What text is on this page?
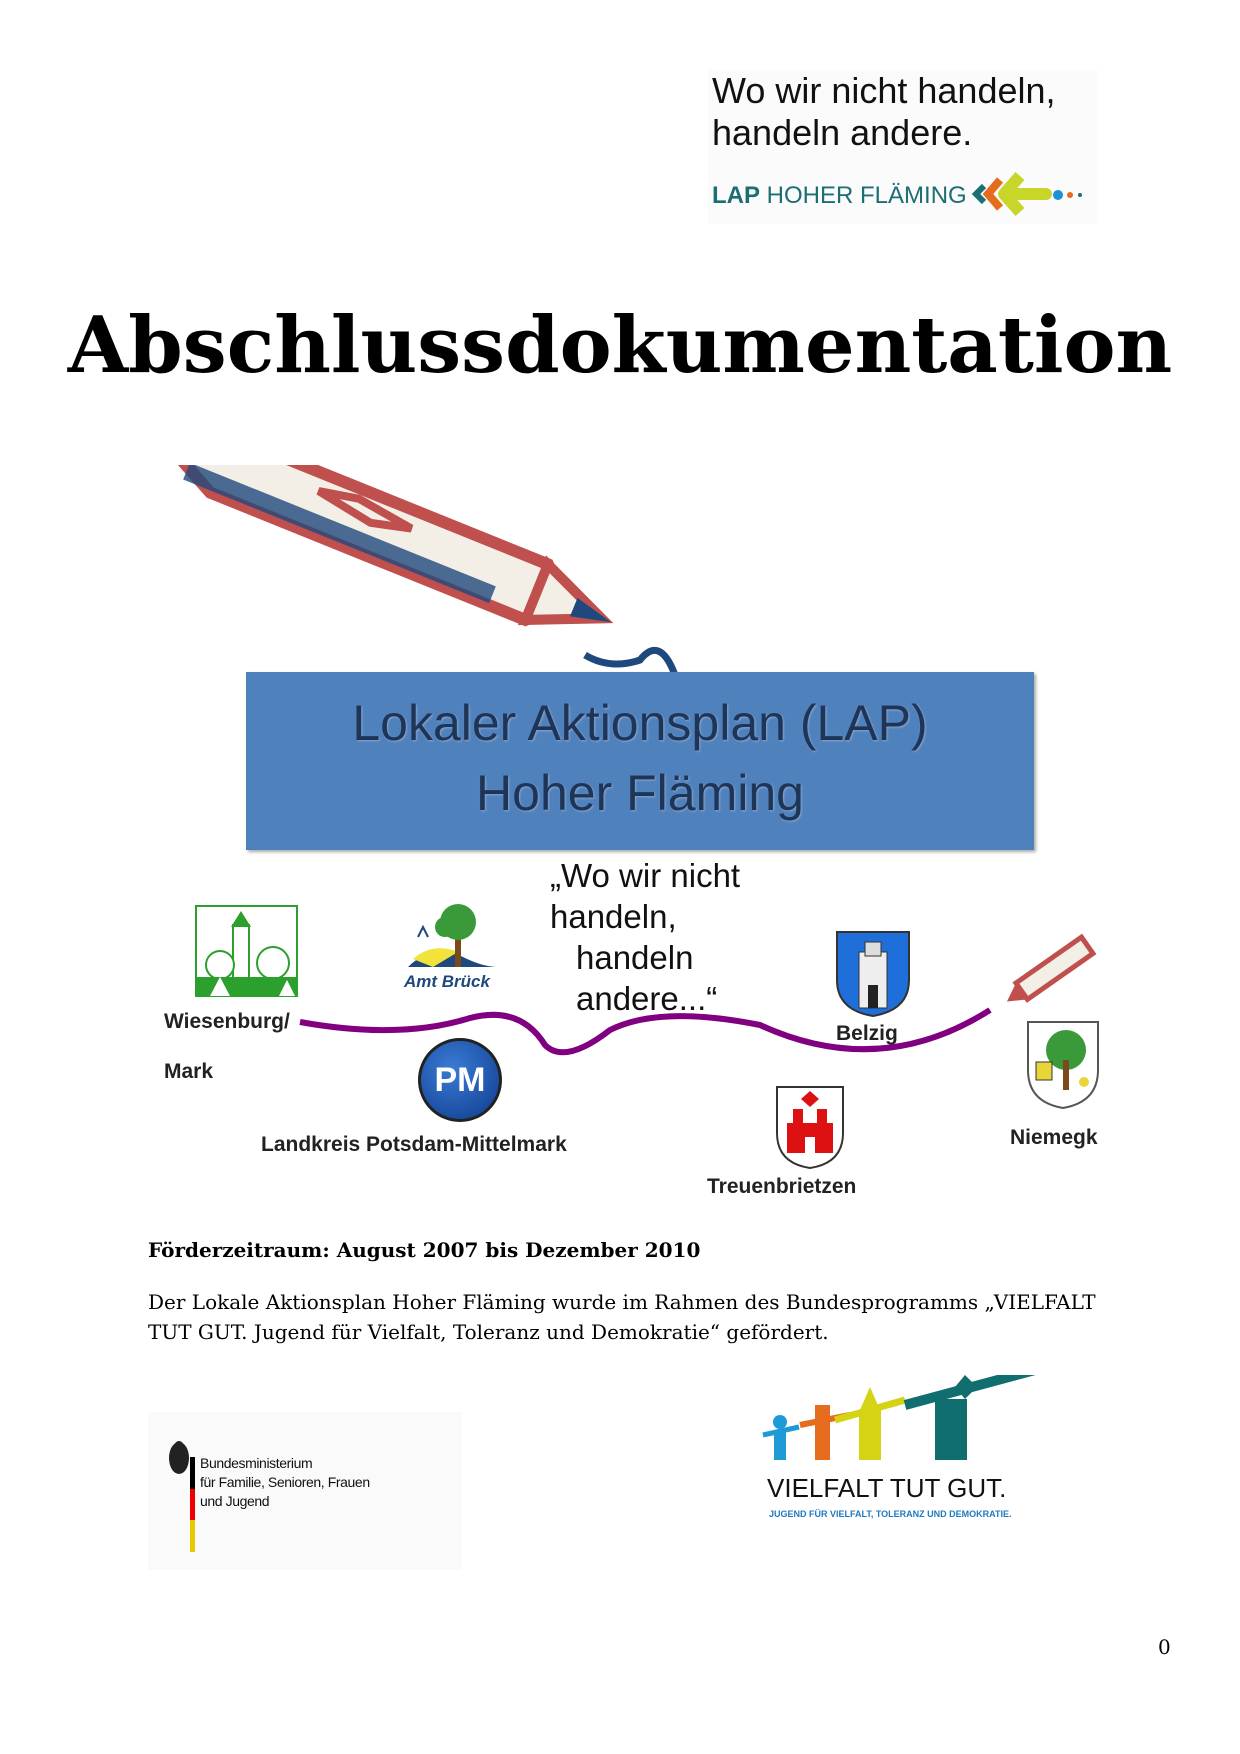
Wo wir nicht handeln,
handeln andere.
LAP HOHER FLÄMING
Abschlussdokumentation
Lokaler Aktionsplan (LAP)
Hoher Fläming
„Wo wir nicht
handeln,
handeln
andere...“
Wiesenburg/
Mark
Amt Brück
PM
Landkreis Potsdam-Mittelmark
Belzig
Treuenbrietzen
Niemegk
Förderzeitraum: August 2007 bis Dezember 2010
Der Lokale Aktionsplan Hoher Fläming wurde im Rahmen des Bundesprogramms „VIELFALT
TUT GUT. Jugend für Vielfalt, Toleranz und Demokratie“ gefördert.
Bundesministerium
für Familie, Senioren, Frauen
und Jugend	VIELFALT TUT GUT.
JUGEND FÜR VIELFALT, TOLERANZ UND DEMOKRATIE.
0
